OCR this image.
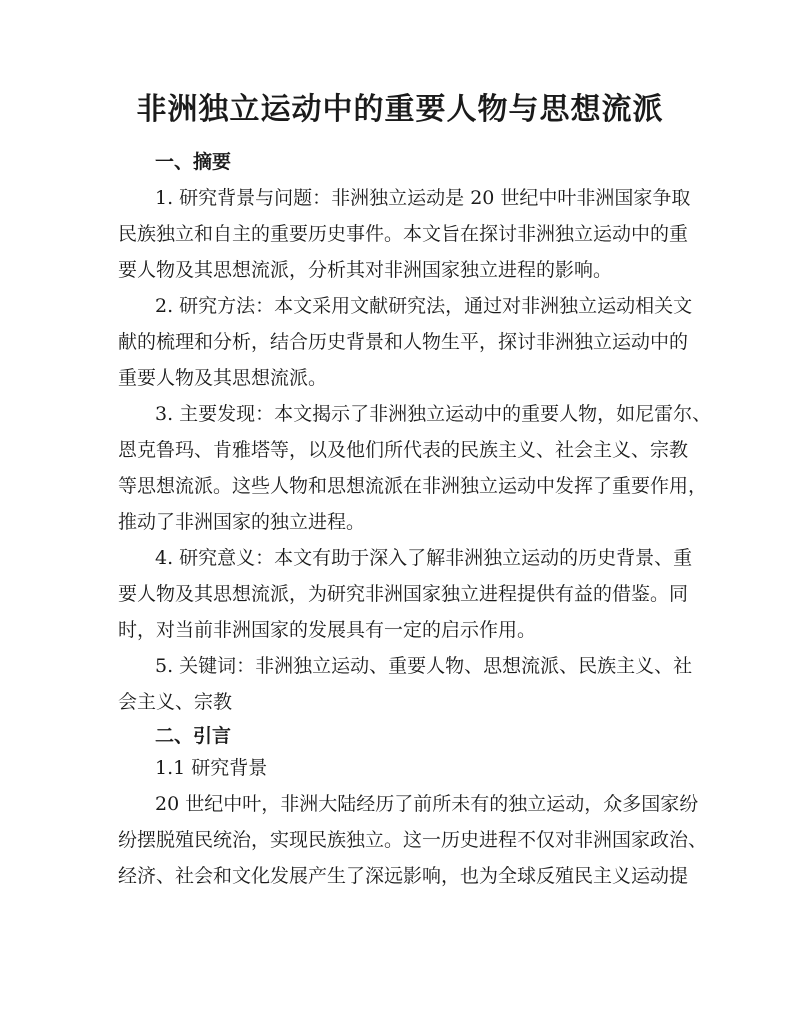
非洲独立运动中的重要人物与思想流派
一、摘要
1. 研究背景与问题：非洲独立运动是 20 世纪中叶非洲国家争取
民族独立和自主的重要历史事件。本文旨在探讨非洲独立运动中的重
要人物及其思想流派，分析其对非洲国家独立进程的影响。
2. 研究方法：本文采用文献研究法，通过对非洲独立运动相关文
献的梳理和分析，结合历史背景和人物生平，探讨非洲独立运动中的
重要人物及其思想流派。
3. 主要发现：本文揭示了非洲独立运动中的重要人物，如尼雷尔、
恩克鲁玛、肯雅塔等，以及他们所代表的民族主义、社会主义、宗教
等思想流派。这些人物和思想流派在非洲独立运动中发挥了重要作用，
推动了非洲国家的独立进程。
4. 研究意义：本文有助于深入了解非洲独立运动的历史背景、重
要人物及其思想流派，为研究非洲国家独立进程提供有益的借鉴。同
时，对当前非洲国家的发展具有一定的启示作用。
5. 关键词：非洲独立运动、重要人物、思想流派、民族主义、社
会主义、宗教
二、引言
1.1 研究背景
20 世纪中叶，非洲大陆经历了前所未有的独立运动，众多国家纷
纷摆脱殖民统治，实现民族独立。这一历史进程不仅对非洲国家政治、
经济、社会和文化发展产生了深远影响，也为全球反殖民主义运动提
